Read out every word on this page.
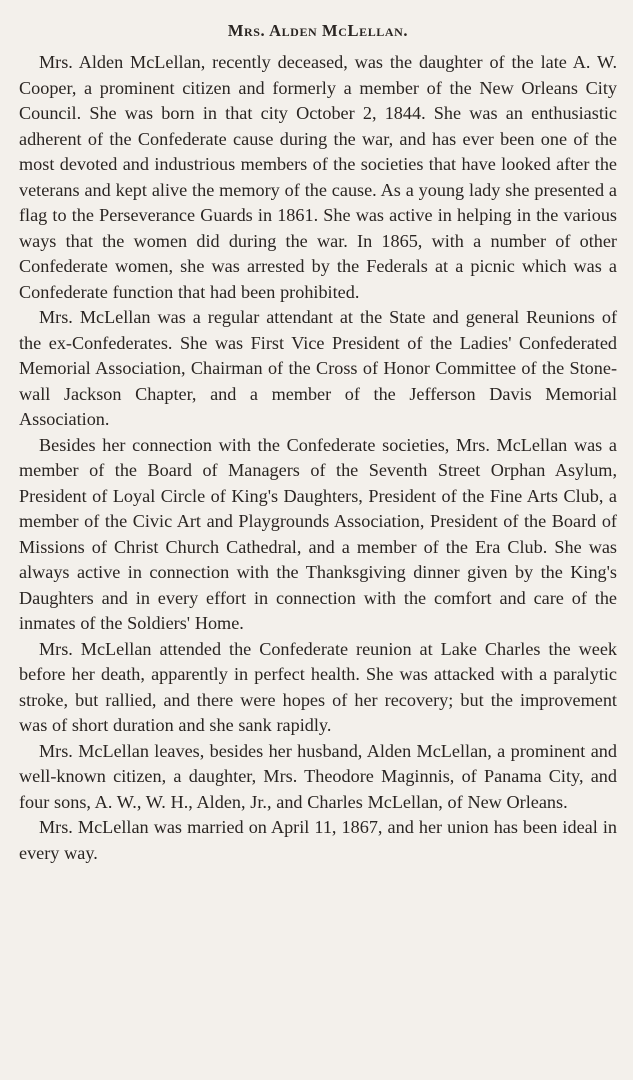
Mrs. Alden McLellan.

Mrs. Alden McLellan, recently deceased, was the daughter of the late A. W. Cooper, a prominent citizen and formerly a member of the New Orleans City Council. She was born in that city October 2, 1844. She was an enthusiastic adherent of the Confederate cause during the war, and has ever been one of the most devoted and industrious members of the societies that have looked after the veterans and kept alive the memory of the cause. As a young lady she presented a flag to the Perseverance Guards in 1861. She was active in helping in the various ways that the women did during the war. In 1865, with a number of other Confederate women, she was arrested by the Federals at a picnic which was a Confederate function that had been prohibited.

Mrs. McLellan was a regular attendant at the State and general Reunions of the ex-Confederates. She was First Vice President of the Ladies' Confederated Memorial Association, Chairman of the Cross of Honor Committee of the Stonewall Jackson Chapter, and a member of the Jefferson Davis Memorial Association.

Besides her connection with the Confederate societies, Mrs. McLellan was a member of the Board of Managers of the Seventh Street Orphan Asylum, President of Loyal Circle of King's Daughters, President of the Fine Arts Club, a member of the Civic Art and Playgrounds Association, President of the Board of Missions of Christ Church Cathedral, and a member of the Era Club. She was always active in connection with the Thanksgiving dinner given by the King's Daughters and in every effort in connection with the comfort and care of the inmates of the Soldiers' Home.

Mrs. McLellan attended the Confederate reunion at Lake Charles the week before her death, apparently in perfect health. She was attacked with a paralytic stroke, but rallied, and there were hopes of her recovery; but the improvement was of short duration and she sank rapidly.

Mrs. McLellan leaves, besides her husband, Alden McLellan, a prominent and well-known citizen, a daughter, Mrs. Theodore Maginnis, of Panama City, and four sons, A. W., W. H., Alden, Jr., and Charles McLellan, of New Orleans.

Mrs. McLellan was married on April 11, 1867, and her union has been ideal in every way.
